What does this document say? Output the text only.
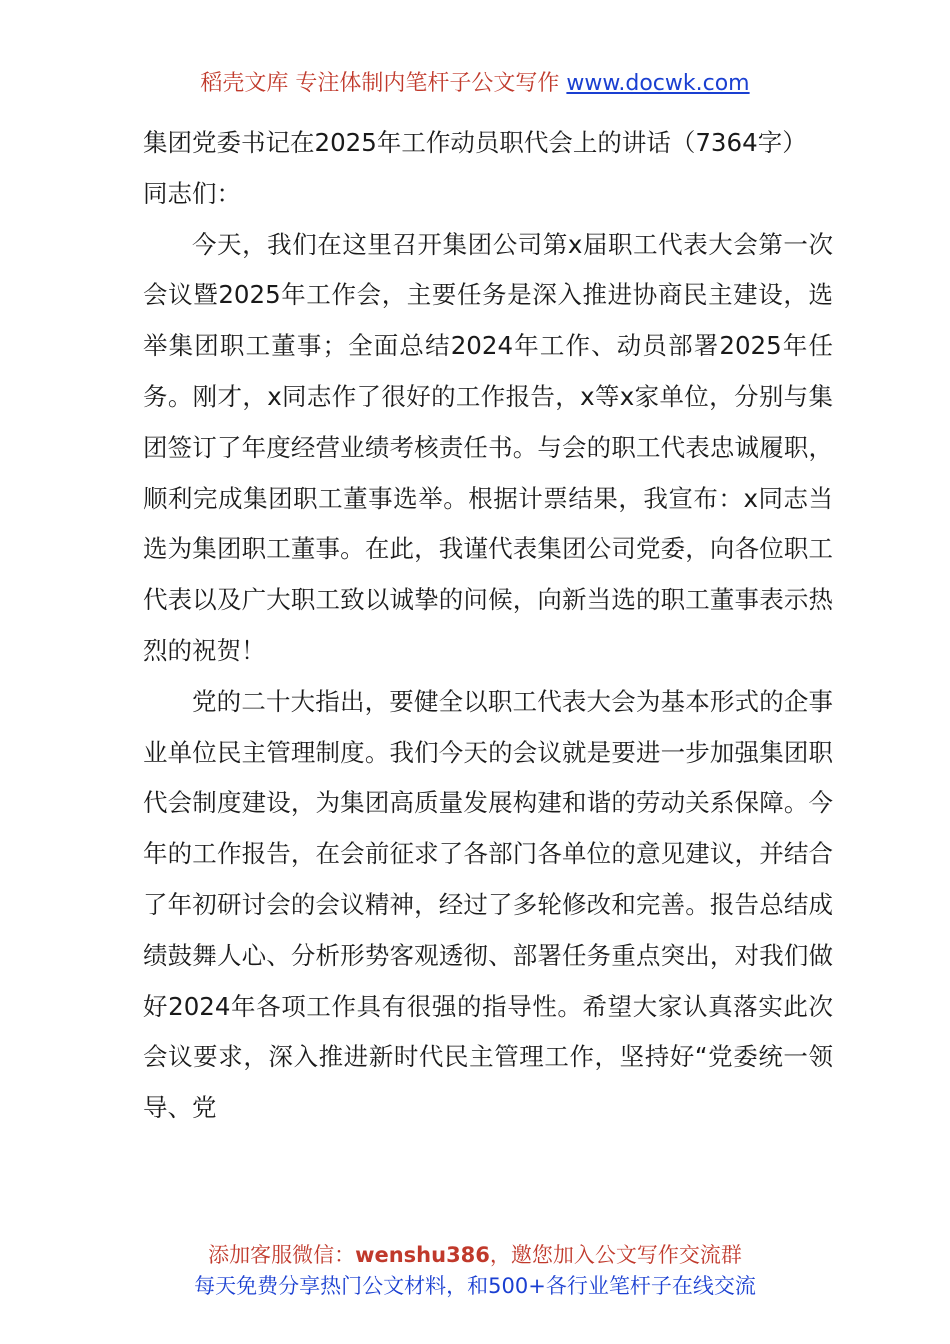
稻壳文库 专注体制内笔杆子公文写作 www.docwk.com

集团党委书记在2025年工作动员职代会上的讲话（7364字）

同志们：

今天，我们在这里召开集团公司第x届职工代表大会第一次会议暨2025年工作会，主要任务是深入推进协商民主建设，选举集团职工董事；全面总结2024年工作、动员部署2025年任务。刚才，x同志作了很好的工作报告，x等x家单位，分别与集团签订了年度经营业绩考核责任书。与会的职工代表忠诚履职，顺利完成集团职工董事选举。根据计票结果，我宣布：x同志当选为集团职工董事。在此，我谨代表集团公司党委，向各位职工代表以及广大职工致以诚挚的问候，向新当选的职工董事表示热烈的祝贺！

党的二十大指出，要健全以职工代表大会为基本形式的企事业单位民主管理制度。我们今天的会议就是要进一步加强集团职代会制度建设，为集团高质量发展构建和谐的劳动关系保障。今年的工作报告，在会前征求了各部门各单位的意见建议，并结合了年初研讨会的会议精神，经过了多轮修改和完善。报告总结成绩鼓舞人心、分析形势客观透彻、部署任务重点突出，对我们做好2024年各项工作具有很强的指导性。希望大家认真落实此次会议要求，深入推进新时代民主管理工作，坚持好“党委统一领导、党

添加客服微信：wenshu386，邀您加入公文写作交流群
每天免费分享热门公文材料，和500+各行业笔杆子在线交流
